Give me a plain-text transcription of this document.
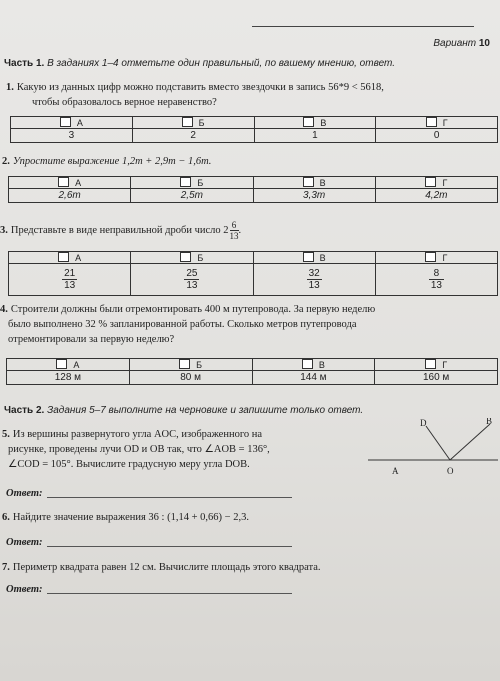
Вариант 10
Часть 1. В заданиях 1–4 отметьте один правильный, по вашему мнению, ответ.
1. Какую из данных цифр можно подставить вместо звездочки в запись 56*9 < 5618,
чтобы образовалось верное неравенство?
А	Б	В	Г

3	2	1	0
2. Упростите выражение 1,2m + 2,9m − 1,6m.
А	Б	В	Г

2,6m	2,5m	3,3m	4,2m
3. Представьте в виде неправильной дроби число $2 \frac{6}{13}$ .
А	Б	В	Г

$\frac{21}{13}$	$\frac{25}{13}$	$\frac{32}{13}$	$\frac{8}{13}$
4. Строители должны были отремонтировать 400 м путепровода. За первую неделю
было выполнено 32 % запланированной работы. Сколько метров путепровода
отремонтировали за первую неделю?
А	Б	В	Г

128 м	80 м	144 м	160 м
Часть 2. Задания 5–7 выполните на черновике и запишите только ответ.
5. Из вершины развернутого угла AOC, изображенного на
рисунке, проведены лучи OD и OB так, что ∠AOB = 136°,
∠COD = 105°. Вычислите градусную меру угла DOB.
A	O
D	B
Ответ:
6. Найдите значение выражения 36 : (1,14 + 0,66) − 2,3.
Ответ:
7. Периметр квадрата равен 12 см. Вычислите площадь этого квадрата.
Ответ:
